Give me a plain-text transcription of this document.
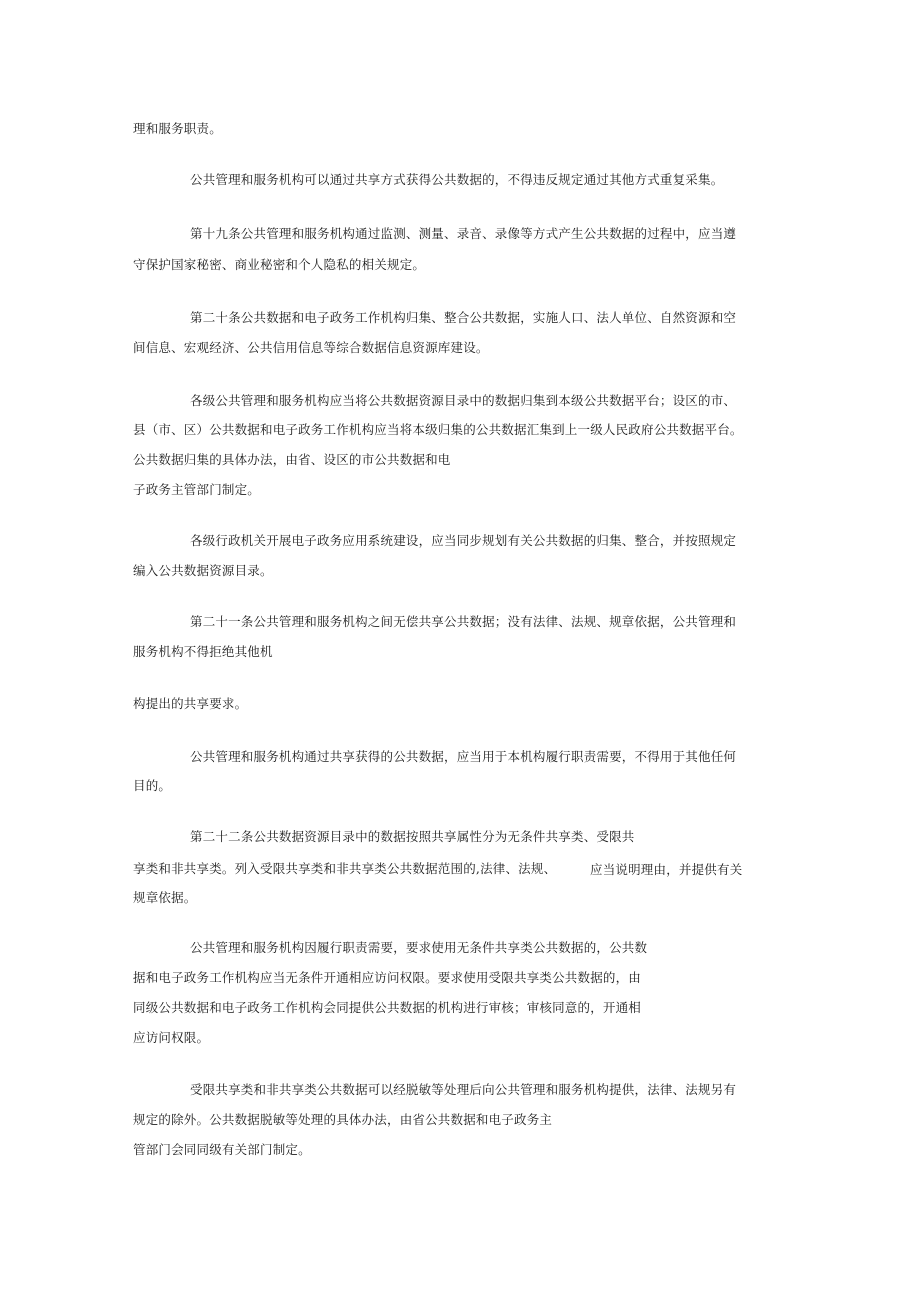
理和服务职责。
公共管理和服务机构可以通过共享方式获得公共数据的，不得违反规定通过其他方式重复采集。
第十九条公共管理和服务机构通过监测、测量、录音、录像等方式产生公共数据的过程中，应当遵
守保护国家秘密、商业秘密和个人隐私的相关规定。
第二十条公共数据和电子政务工作机构归集、整合公共数据，实施人口、法人单位、自然资源和空
间信息、宏观经济、公共信用信息等综合数据信息资源库建设。
各级公共管理和服务机构应当将公共数据资源目录中的数据归集到本级公共数据平台；设区的市、
县（市、区）公共数据和电子政务工作机构应当将本级归集的公共数据汇集到上一级人民政府公共数据平台。
公共数据归集的具体办法，由省、设区的市公共数据和电
子政务主管部门制定。
各级行政机关开展电子政务应用系统建设，应当同步规划有关公共数据的归集、整合，并按照规定
编入公共数据资源目录。
第二十一条公共管理和服务机构之间无偿共享公共数据；没有法律、法规、规章依据，公共管理和
服务机构不得拒绝其他机
构提出的共享要求。
公共管理和服务机构通过共享获得的公共数据，应当用于本机构履行职责需要，不得用于其他任何
目的。
第二十二条公共数据资源目录中的数据按照共享属性分为无条件共享类、受限共
享类和非共享类。列入受限共享类和非共享类公共数据范围的,法律、法规、	应当说明理由，并提供有关
规章依据。
公共管理和服务机构因履行职责需要，要求使用无条件共享类公共数据的，公共数
据和电子政务工作机构应当无条件开通相应访问权限。要求使用受限共享类公共数据的，由
同级公共数据和电子政务工作机构会同提供公共数据的机构进行审核；审核同意的，开通相
应访问权限。
受限共享类和非共享类公共数据可以经脱敏等处理后向公共管理和服务机构提供，法律、法规另有
规定的除外。公共数据脱敏等处理的具体办法，由省公共数据和电子政务主
管部门会同同级有关部门制定。
